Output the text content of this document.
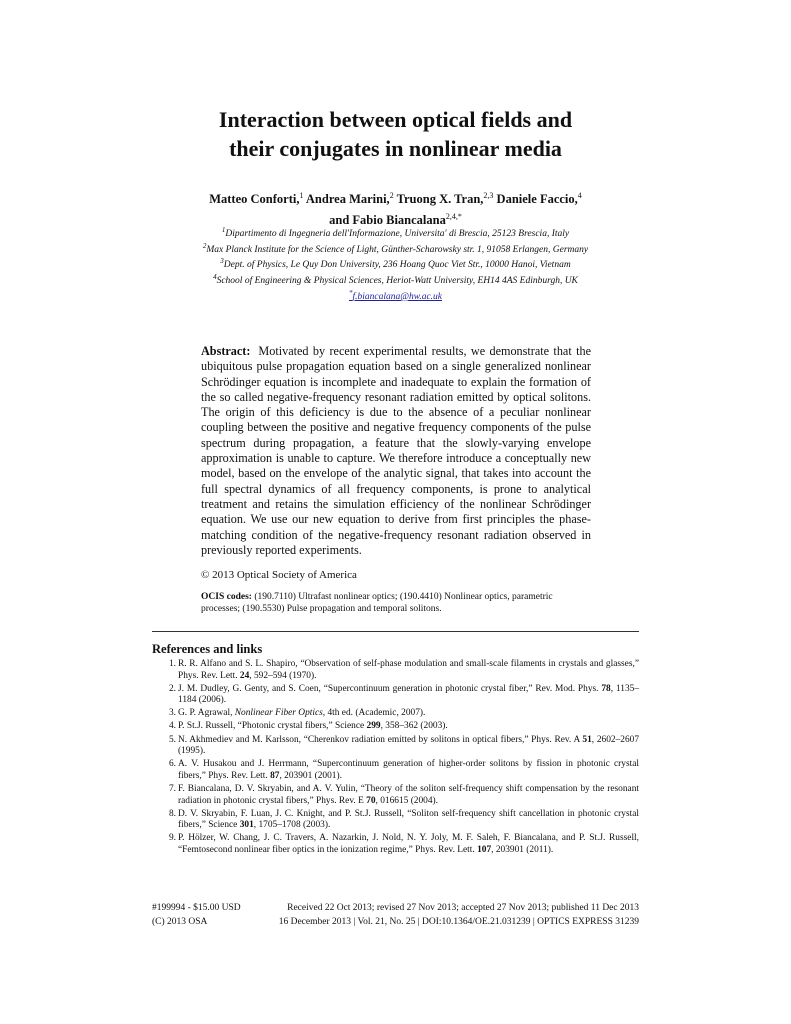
Interaction between optical fields and
their conjugates in nonlinear media
Matteo Conforti,$^1$ Andrea Marini,$^2$ Truong X. Tran,$^{2,3}$ Daniele Faccio,$^4$ and Fabio Biancalana$^{2,4,*}$
$^1$Dipartimento di Ingegneria dell'Informazione, Universita' di Brescia, 25123 Brescia, Italy
$^2$Max Planck Institute for the Science of Light, Günther-Scharowsky str. 1, 91058 Erlangen, Germany
$^3$Dept. of Physics, Le Quy Don University, 236 Hoang Quoc Viet Str., 10000 Hanoi, Vietnam
$^4$School of Engineering & Physical Sciences, Heriot-Watt University, EH14 4AS Edinburgh, UK
*f.biancalana@hw.ac.uk
Abstract: Motivated by recent experimental results, we demonstrate that the ubiquitous pulse propagation equation based on a single generalized nonlinear Schrödinger equation is incomplete and inadequate to explain the formation of the so called negative-frequency resonant radiation emitted by optical solitons. The origin of this deficiency is due to the absence of a peculiar nonlinear coupling between the positive and negative frequency components of the pulse spectrum during propagation, a feature that the slowly-varying envelope approximation is unable to capture. We therefore introduce a conceptually new model, based on the envelope of the analytic signal, that takes into account the full spectral dynamics of all frequency components, is prone to analytical treatment and retains the simulation efficiency of the nonlinear Schrödinger equation. We use our new equation to derive from first principles the phase-matching condition of the negative-frequency resonant radiation observed in previously reported experiments.
© 2013 Optical Society of America
OCIS codes: (190.7110) Ultrafast nonlinear optics; (190.4410) Nonlinear optics, parametric processes; (190.5530) Pulse propagation and temporal solitons.
References and links
1. R. R. Alfano and S. L. Shapiro, “Observation of self-phase modulation and small-scale filaments in crystals and glasses,” Phys. Rev. Lett. 24, 592–594 (1970).
2. J. M. Dudley, G. Genty, and S. Coen, “Supercontinuum generation in photonic crystal fiber,” Rev. Mod. Phys. 78, 1135–1184 (2006).
3. G. P. Agrawal, Nonlinear Fiber Optics, 4th ed. (Academic, 2007).
4. P. St.J. Russell, “Photonic crystal fibers,” Science 299, 358–362 (2003).
5. N. Akhmediev and M. Karlsson, “Cherenkov radiation emitted by solitons in optical fibers,” Phys. Rev. A 51, 2602–2607 (1995).
6. A. V. Husakou and J. Herrmann, “Supercontinuum generation of higher-order solitons by fission in photonic crystal fibers,” Phys. Rev. Lett. 87, 203901 (2001).
7. F. Biancalana, D. V. Skryabin, and A. V. Yulin, “Theory of the soliton self-frequency shift compensation by the resonant radiation in photonic crystal fibers,” Phys. Rev. E 70, 016615 (2004).
8. D. V. Skryabin, F. Luan, J. C. Knight, and P. St.J. Russell, “Soliton self-frequency shift cancellation in photonic crystal fibers,” Science 301, 1705–1708 (2003).
9. P. Hölzer, W. Chang, J. C. Travers, A. Nazarkin, J. Nold, N. Y. Joly, M. F. Saleh, F. Biancalana, and P. St.J. Russell, “Femtosecond nonlinear fiber optics in the ionization regime,” Phys. Rev. Lett. 107, 203901 (2011).
#199994 - $15.00 USD	Received 22 Oct 2013; revised 27 Nov 2013; accepted 27 Nov 2013; published 11 Dec 2013
(C) 2013 OSA	16 December 2013 | Vol. 21, No. 25 | DOI:10.1364/OE.21.031239 | OPTICS EXPRESS 31239
